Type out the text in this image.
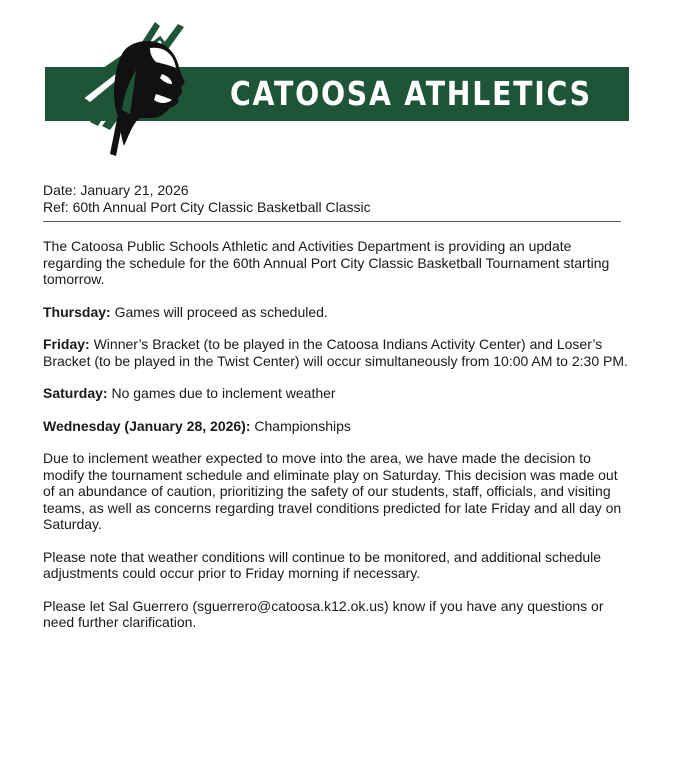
CATOOSA ATHLETICS

Date: January 21, 2026

Ref: 60th Annual Port City Classic Basketball Classic

The Catoosa Public Schools Athletic and Activities Department is providing an update regarding the schedule for the 60th Annual Port City Classic Basketball Tournament starting tomorrow.

Thursday: Games will proceed as scheduled.

Friday: Winner’s Bracket (to be played in the Catoosa Indians Activity Center) and Loser’s Bracket (to be played in the Twist Center) will occur simultaneously from 10:00 AM to 2:30 PM.

Saturday: No games due to inclement weather

Wednesday (January 28, 2026): Championships

Due to inclement weather expected to move into the area, we have made the decision to modify the tournament schedule and eliminate play on Saturday. This decision was made out of an abundance of caution, prioritizing the safety of our students, staff, officials, and visiting teams, as well as concerns regarding travel conditions predicted for late Friday and all day on Saturday.

Please note that weather conditions will continue to be monitored, and additional schedule adjustments could occur prior to Friday morning if necessary.

Please let Sal Guerrero (sguerrero@catoosa.k12.ok.us) know if you have any questions or need further clarification.
